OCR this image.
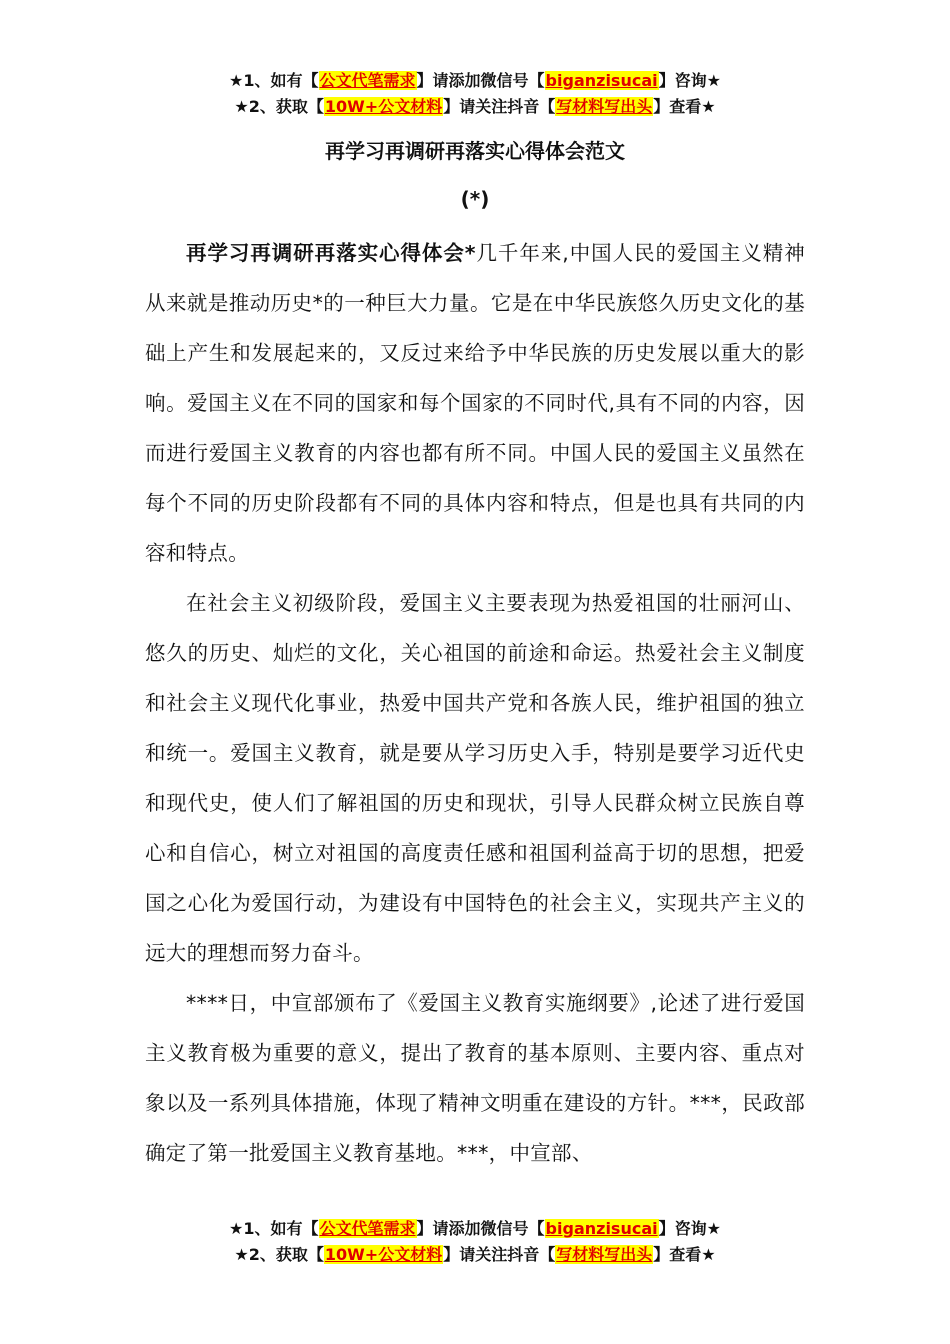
★1、如有【公文代笔需求】请添加微信号【biganzisucai】咨询★
★2、获取【10W+公文材料】请关注抖音【写材料写出头】查看★
再学习再调研再落实心得体会范文
(*)

再学习再调研再落实心得体会*几千年来,中国人民的爱国主义精神从来就是推动历史*的一种巨大力量。它是在中华民族悠久历史文化的基础上产生和发展起来的，又反过来给予中华民族的历史发展以重大的影响。爱国主义在不同的国家和每个国家的不同时代,具有不同的内容，因而进行爱国主义教育的内容也都有所不同。中国人民的爱国主义虽然在每个不同的历史阶段都有不同的具体内容和特点，但是也具有共同的内容和特点。

在社会主义初级阶段，爱国主义主要表现为热爱祖国的壮丽河山、悠久的历史、灿烂的文化，关心祖国的前途和命运。热爱社会主义制度和社会主义现代化事业，热爱中国共产党和各族人民，维护祖国的独立和统一。爱国主义教育，就是要从学习历史入手，特别是要学习近代史和现代史，使人们了解祖国的历史和现状，引导人民群众树立民族自尊心和自信心，树立对祖国的高度责任感和祖国利益高于切的思想，把爱国之心化为爱国行动，为建设有中国特色的社会主义，实现共产主义的远大的理想而努力奋斗。

****日，中宣部颁布了《爱国主义教育实施纲要》,论述了进行爱国主义教育极为重要的意义，提出了教育的基本原则、主要内容、重点对象以及一系列具体措施，体现了精神文明重在建设的方针。***，民政部确定了第一批爱国主义教育基地。***，中宣部、

★1、如有【公文代笔需求】请添加微信号【biganzisucai】咨询★
★2、获取【10W+公文材料】请关注抖音【写材料写出头】查看★
